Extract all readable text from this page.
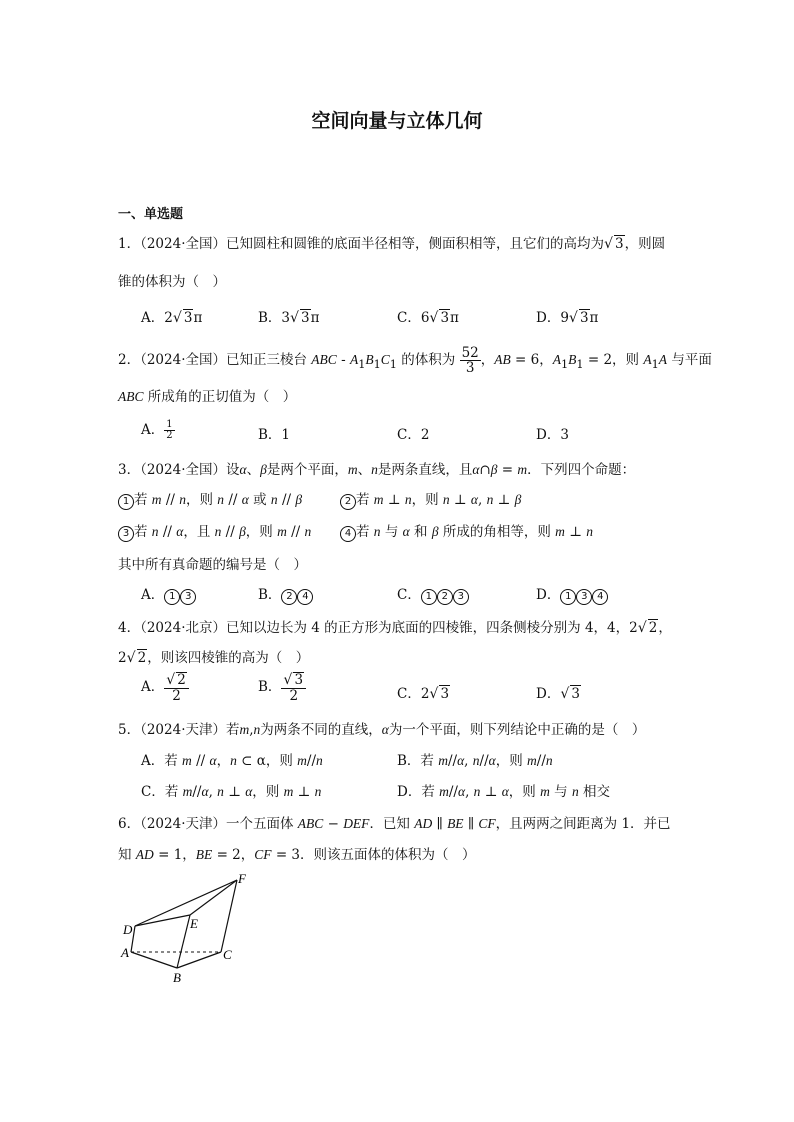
空间向量与立体几何
一、单选题
1．（2024·全国）已知圆柱和圆锥的底面半径相等，侧面积相等，且它们的高均为√ 3，则圆
锥的体积为（　）
A．2√ 3π	B．3√ 3π	C．6√ 3π	D．9√ 3π
2．（2024·全国）已知正三棱台 ABC - $A_1B_1C_1$ 的体积为 $\frac{52}{3}$ ，AB = 6，$A_1B_1 = 2$，则 $A_1A$ 与平面
ABC 所成角的正切值为（　）
A． $\frac{1}{2}$	B．1	C．2	D．3
3．（2024·全国）设α、β是两个平面，m、n是两条直线，且α∩β = m．下列四个命题：
1 若 m // n，则 n // α 或 n // β	2 若 m ⊥ n，则 n ⊥ α, n ⊥ β
3 若 n // α，且 n // β，则 m // n	4 若 n 与 α 和 β 所成的角相等，则 m ⊥ n
其中所有真命题的编号是（　）
A． 1 3	B． 2 4	C． 1 2 3	D． 1 3 4
4．（2024·北京）已知以边长为 4 的正方形为底面的四棱锥，四条侧棱分别为 4，4，2√ 2，
2√ 2，则该四棱锥的高为（　）
A． $\frac{√ 2}{2}$	B． $\frac{√ 3}{2}$	C．2√ 3	D．√ 3
5．（2024·天津）若m,n为两条不同的直线，α为一个平面，则下列结论中正确的是（　）
A．若 m // α，n ⊂ α，则 m//n	B．若 m//α, n//α，则 m//n
C．若 m//α, n ⊥ α，则 m ⊥ n	D．若 m//α, n ⊥ α，则 m 与 n 相交
6．（2024·天津）一个五面体 ABC − DEF．已知 AD ∥ BE ∥ CF，且两两之间距离为 1．并已
知 AD = 1，BE = 2，CF = 3．则该五面体的体积为（　）
F
E
D
A	C
B
